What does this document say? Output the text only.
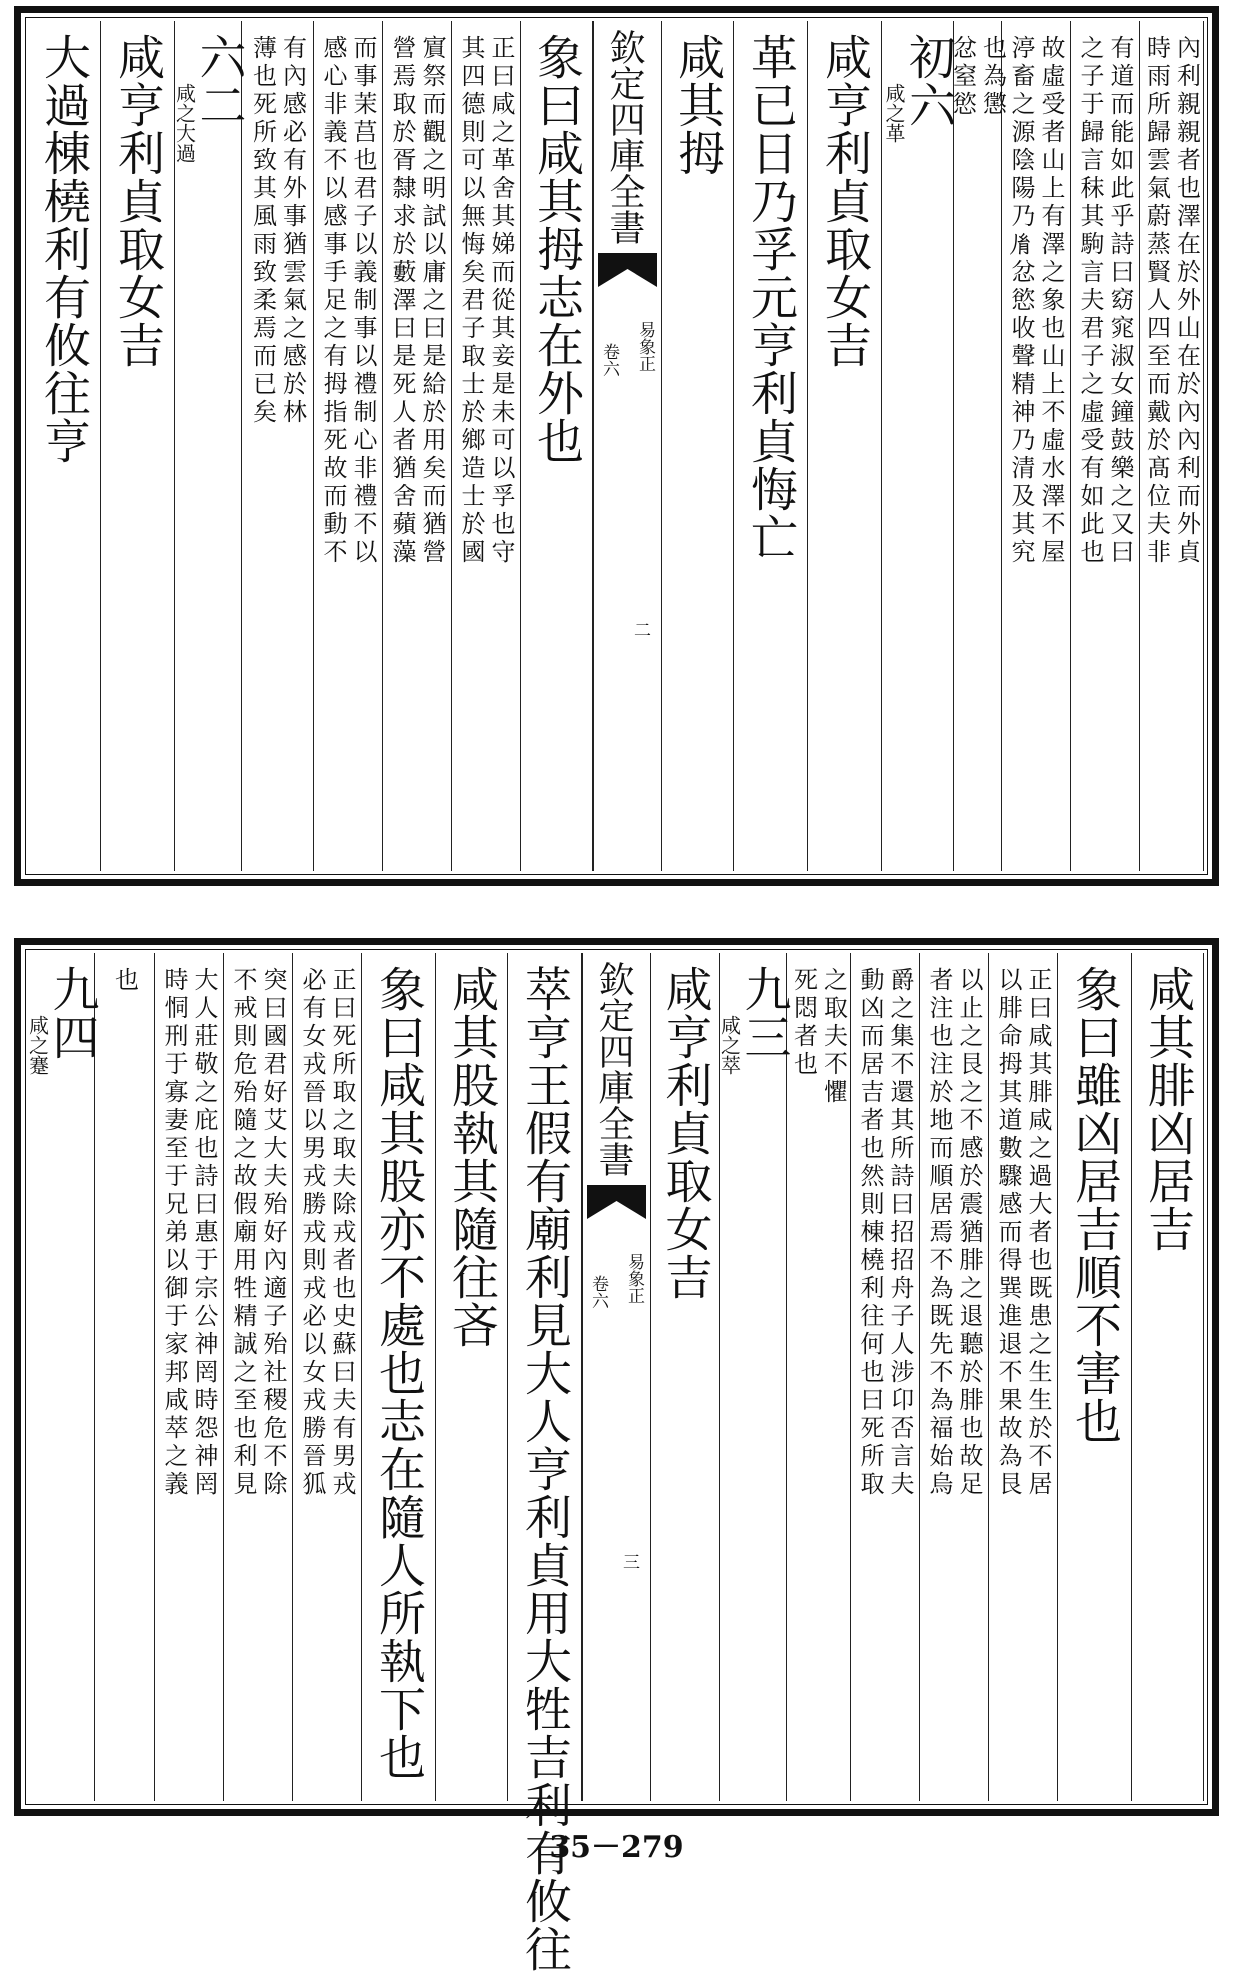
內利親親者也澤在於外山在於內內利而外貞
時雨所歸雲氣蔚蒸賢人四至而戴於髙位夫非
有道而能如此乎詩曰窈窕淑女鐘鼓樂之又曰
之子于歸言秣其駒言夫君子之虛受有如此也
故虛受者山上有澤之象也山上不虛水澤不屋
渟畜之源陰陽乃𦙍忿慾收聲精神乃清及其究
也為懲
忿窒慾
初六
咸之革
咸亨利貞取女吉
革已日乃孚元亨利貞悔亡
咸其拇
欽定四庫全書
易象正
卷六
二
象曰咸其拇志在外也
正曰咸之革舍其娣而從其妾是未可以孚也守
其四德則可以無悔矣君子取士於鄉造士於國
賔祭而觀之明試以庸之曰是給於用矣而猶營
營焉取於胥隸求於藪澤曰是死人者猶舍蘋藻
而事茉莒也君子以義制事以禮制心非禮不以
感心非義不以感事手足之有拇指死故而動不
有內感必有外事猶雲氣之感於林
薄也死所致其風雨致柔焉而已矣
六二
咸之大過
咸亨利貞取女吉
大過棟橈利有攸往亨
咸其腓凶居吉
象曰雖凶居吉順不害也
正曰咸其腓咸之過大者也既患之生生於不居
以腓命拇其道數驟感而得巽進退不果故為艮
以止之艮之不感於震猶腓之退聽於腓也故足
者注也注於地而順居焉不為既先不為福始烏
爵之集不還其所詩曰招招舟子人涉卬否言夫
動凶而居吉者也然則棟橈利往何也曰死所取
之取夫不懼
死悶者也
九三
咸之萃
咸亨利貞取女吉
欽定四庫全書
易象正
卷六
三
萃亨王假有廟利見大人亨利貞用大牲吉利有攸往
咸其股執其隨往吝
象曰咸其股亦不處也志在隨人所執下也
正曰死所取之取夫除戎者也史蘇曰夫有男戎
必有女戎晉以男戎勝戎則戎必以女戎勝晉狐
突曰國君好艾大夫殆好內適子殆社稷危不除
不戒則危殆隨之故假廟用牲精誠之至也利見
大人莊敬之庇也詩曰惠于宗公神罔時怨神罔
時恫刑于寡妻至于兄弟以御于家邦咸萃之義
也
九四
咸之蹇
35－279
